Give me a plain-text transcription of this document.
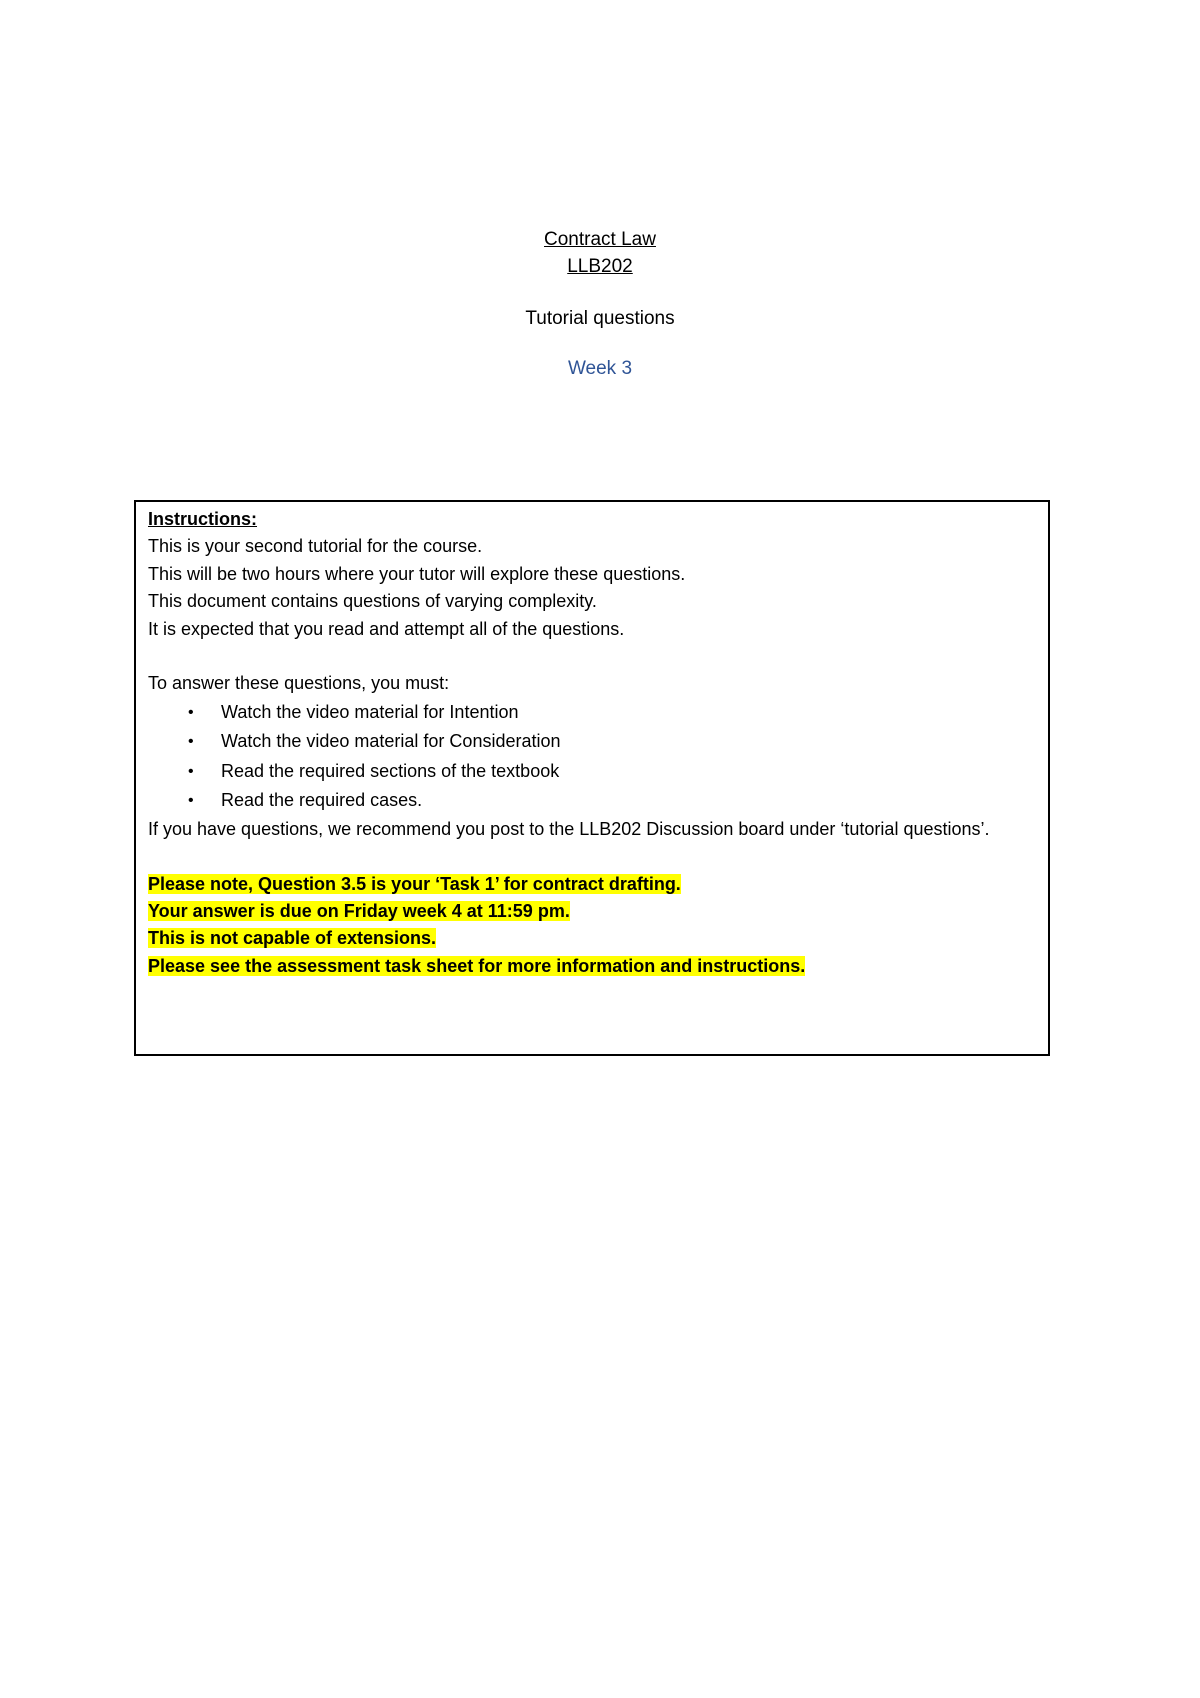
Contract Law
LLB202
Tutorial questions
Week 3
Instructions:
This is your second tutorial for the course.
This will be two hours where your tutor will explore these questions.
This document contains questions of varying complexity.
It is expected that you read and attempt all of the questions.
To answer these questions, you must:
• Watch the video material for Intention
• Watch the video material for Consideration
• Read the required sections of the textbook
• Read the required cases.
If you have questions, we recommend you post to the LLB202 Discussion board under ‘tutorial questions’.
Please note, Question 3.5 is your ‘Task 1’ for contract drafting.
Your answer is due on Friday week 4 at 11:59 pm.
This is not capable of extensions.
Please see the assessment task sheet for more information and instructions.
